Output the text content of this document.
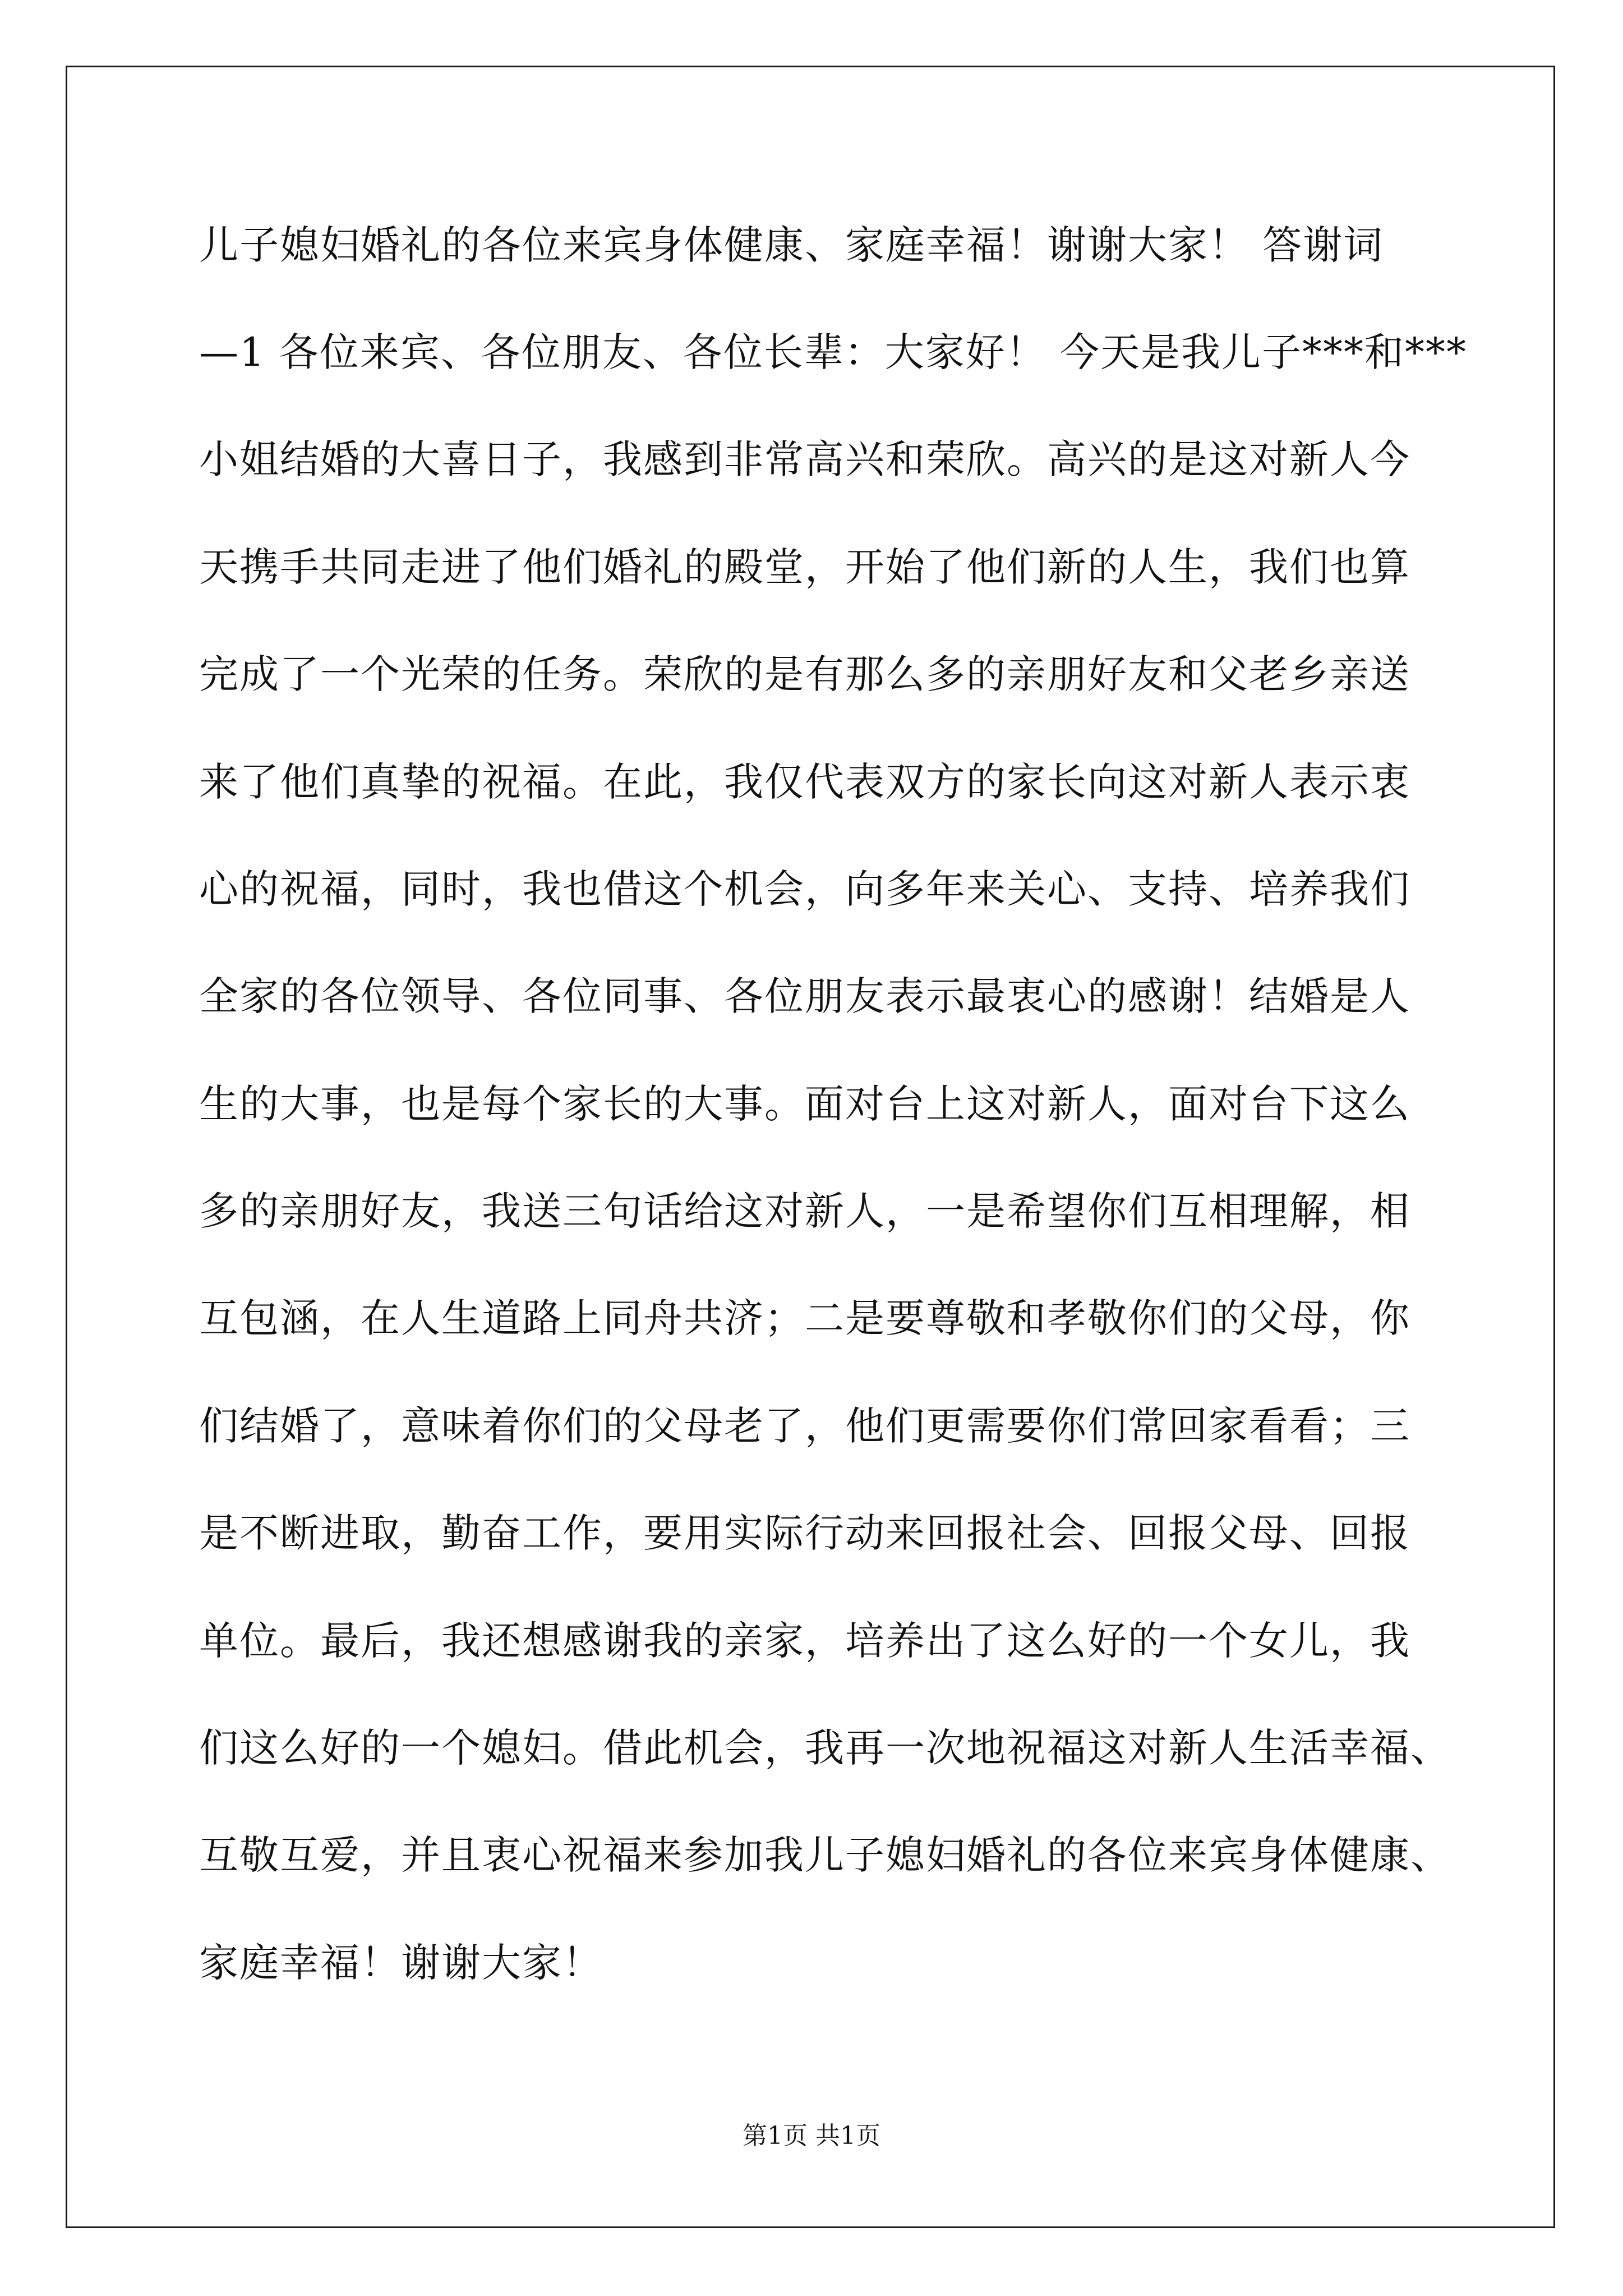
儿子媳妇婚礼的各位来宾身体健康、家庭幸福！谢谢大家！ 答谢词
—1 各位来宾、各位朋友、各位长辈：大家好！ 今天是我儿子***和***
小姐结婚的大喜日子，我感到非常高兴和荣欣。高兴的是这对新人今
天携手共同走进了他们婚礼的殿堂，开始了他们新的人生，我们也算
完成了一个光荣的任务。荣欣的是有那么多的亲朋好友和父老乡亲送
来了他们真挚的祝福。在此，我仅代表双方的家长向这对新人表示衷
心的祝福，同时，我也借这个机会，向多年来关心、支持、培养我们
全家的各位领导、各位同事、各位朋友表示最衷心的感谢！结婚是人
生的大事，也是每个家长的大事。面对台上这对新人，面对台下这么
多的亲朋好友，我送三句话给这对新人，一是希望你们互相理解，相
互包涵，在人生道路上同舟共济；二是要尊敬和孝敬你们的父母，你
们结婚了，意味着你们的父母老了，他们更需要你们常回家看看；三
是不断进取，勤奋工作，要用实际行动来回报社会、回报父母、回报
单位。最后，我还想感谢我的亲家，培养出了这么好的一个女儿，我
们这么好的一个媳妇。借此机会，我再一次地祝福这对新人生活幸福、
互敬互爱，并且衷心祝福来参加我儿子媳妇婚礼的各位来宾身体健康、
家庭幸福！谢谢大家！
第1页 共1页
